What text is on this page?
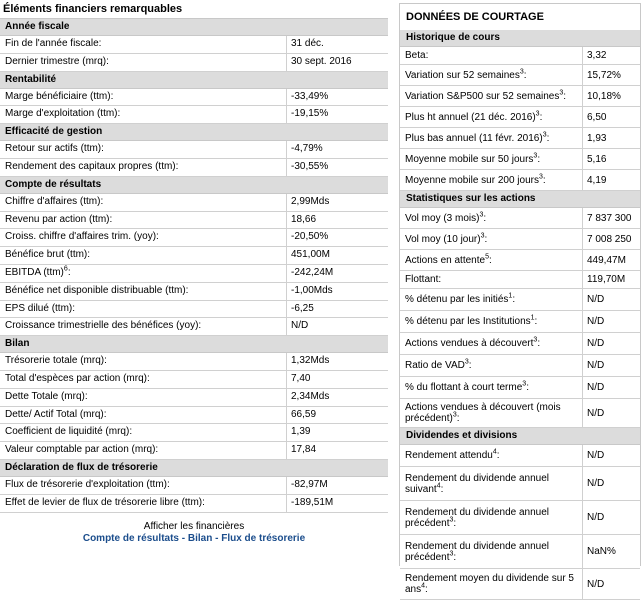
Éléments financiers remarquables
Année fiscale
Fin de l'année fiscale:	31 déc.
Dernier trimestre (mrq):	30 sept. 2016
Rentabilité
Marge bénéficiaire (ttm):	-33,49%
Marge d'exploitation (ttm):	-19,15%
Efficacité de gestion
Retour sur actifs (ttm):	-4,79%
Rendement des capitaux propres (ttm):	-30,55%
Compte de résultats
Chiffre d'affaires (ttm):	2,99Mds
Revenu par action (ttm):	18,66
Croiss. chiffre d'affaires trim. (yoy):	-20,50%
Bénéfice brut (ttm):	451,00M
EBITDA (ttm)$^6$:	-242,24M
Bénéfice net disponible distribuable (ttm):	-1,00Mds
EPS dilué (ttm):	-6,25
Croissance trimestrielle des bénéfices (yoy):	N/D
Bilan
Trésorerie totale (mrq):	1,32Mds
Total d'espèces par action (mrq):	7,40
Dette Totale (mrq):	2,34Mds
Dette/ Actif Total (mrq):	66,59
Coefficient de liquidité (mrq):	1,39
Valeur comptable par action (mrq):	17,84
Déclaration de flux de trésorerie
Flux de trésorerie d'exploitation (ttm):	-82,97M
Effet de levier de flux de trésorerie libre (ttm):	-189,51M
Afficher les financières
Compte de résultats - Bilan - Flux de trésorerie
DONNÉES DE COURTAGE
Historique de cours
Beta:	3,32
Variation sur 52 semaines$^3$:	15,72%
Variation S&P500 sur 52 semaines$^3$:	10,18%
Plus ht annuel (21 déc. 2016)$^3$:	6,50
Plus bas annuel (11 févr. 2016)$^3$:	1,93
Moyenne mobile sur 50 jours$^3$:	5,16
Moyenne mobile sur 200 jours$^3$:	4,19
Statistiques sur les actions
Vol moy (3 mois)$^3$:	7 837 300
Vol moy (10 jour)$^3$:	7 008 250
Actions en attente$^5$:	449,47M
Flottant:	119,70M
% détenu par les initiés$^1$:	N/D
% détenu par les Institutions$^1$:	N/D
Actions vendues à découvert$^3$:	N/D
Ratio de VAD$^3$:	N/D
% du flottant à court terme$^3$:	N/D
Actions vendues à découvert (mois précédent)$^3$:	N/D
Dividendes et divisions
Rendement attendu$^4$:	N/D
Rendement du dividende annuel suivant$^4$:	N/D
Rendement du dividende annuel précédent$^3$:	N/D
Rendement du dividende annuel précédent$^3$:	NaN%
Rendement moyen du dividende sur 5 ans$^4$:	N/D
